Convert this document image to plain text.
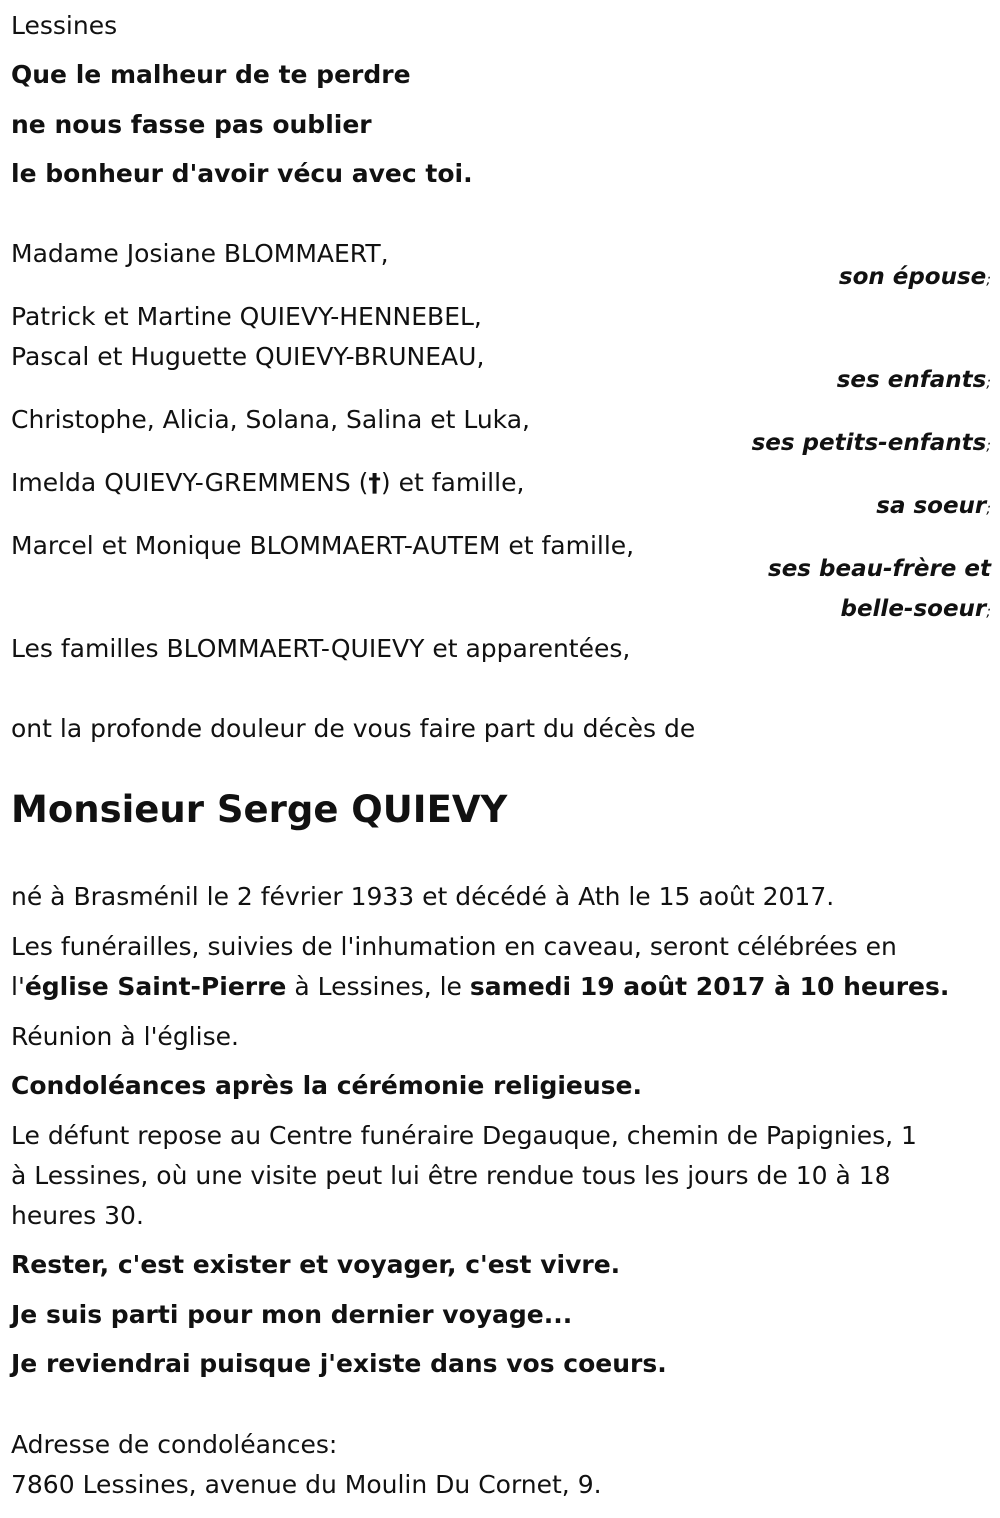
Lessines
Que le malheur de te perdre
ne nous fasse pas oublier
le bonheur d'avoir vécu avec toi.
Madame Josiane BLOMMAERT,
son épouse;
Patrick et Martine QUIEVY-HENNEBEL,
Pascal et Huguette QUIEVY-BRUNEAU,
ses enfants;
Christophe, Alicia, Solana, Salina et Luka,
ses petits-enfants;
Imelda QUIEVY-GREMMENS (†) et famille,
sa soeur;
Marcel et Monique BLOMMAERT-AUTEM et famille,
ses beau-frère et
belle-soeur;
Les familles BLOMMAERT-QUIEVY et apparentées,
ont la profonde douleur de vous faire part du décès de
Monsieur Serge QUIEVY
né à Brasménil le 2 février 1933 et décédé à Ath le 15 août 2017.
Les funérailles, suivies de l'inhumation en caveau, seront célébrées en
l'église Saint-Pierre à Lessines, le samedi 19 août 2017 à 10 heures.
Réunion à l'église.
Condoléances après la cérémonie religieuse.
Le défunt repose au Centre funéraire Degauque, chemin de Papignies, 1
à Lessines, où une visite peut lui être rendue tous les jours de 10 à 18
heures 30.
Rester, c'est exister et voyager, c'est vivre.
Je suis parti pour mon dernier voyage...
Je reviendrai puisque j'existe dans vos coeurs.
Adresse de condoléances:
7860 Lessines, avenue du Moulin Du Cornet, 9.
